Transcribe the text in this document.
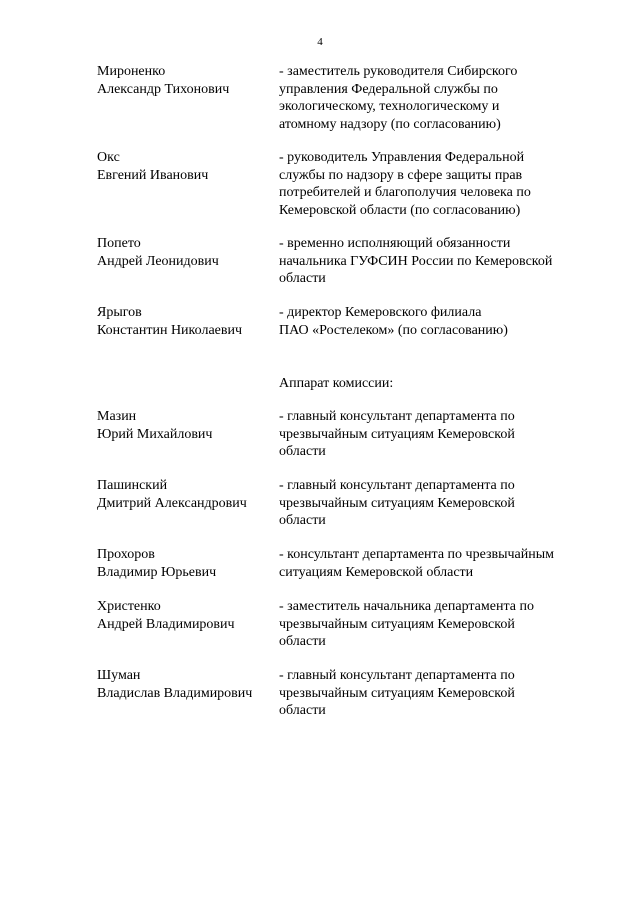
4
Мироненко
Александр Тихонович
- заместитель руководителя Сибирского
управления Федеральной службы по
экологическому, технологическому и
атомному надзору (по согласованию)
Окс
Евгений Иванович
- руководитель Управления Федеральной
службы по надзору в сфере защиты прав
потребителей и благополучия человека по
Кемеровской области (по согласованию)
Попето
Андрей Леонидович
- временно исполняющий обязанности
начальника ГУФСИН России по Кемеровской
области
Ярыгов
Константин Николаевич
- директор Кемеровского филиала
ПАО «Ростелеком» (по согласованию)
Аппарат комиссии:
Мазин
Юрий Михайлович
- главный консультант департамента по
чрезвычайным ситуациям Кемеровской
области
Пашинский
Дмитрий Александрович
- главный консультант департамента по
чрезвычайным ситуациям Кемеровской
области
Прохоров
Владимир Юрьевич
- консультант департамента по чрезвычайным
ситуациям Кемеровской области
Христенко
Андрей Владимирович
- заместитель начальника департамента по
чрезвычайным ситуациям Кемеровской
области
Шуман
Владислав Владимирович
- главный консультант департамента по
чрезвычайным ситуациям Кемеровской
области
